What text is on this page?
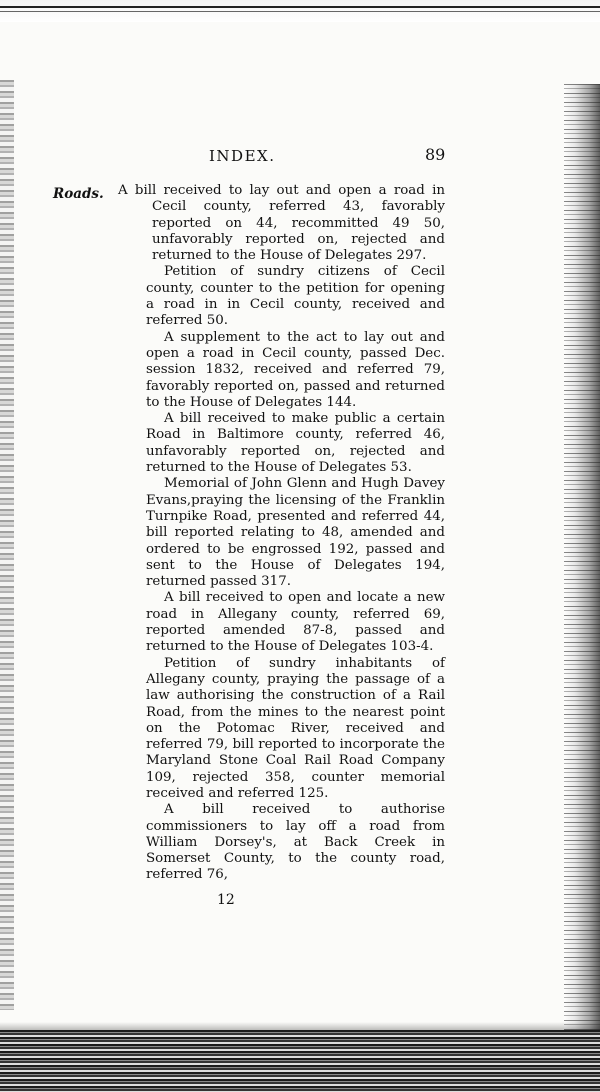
INDEX.	89
Roads. A bill received to lay out and open a road in Cecil county, referred 43, favorably reported on 44, recommitted 49 50, unfavorably reported on, rejected and returned to the House of Delegates 297.

Petition of sundry citizens of Cecil county, counter to the petition for opening a road in in Cecil county, received and referred 50.

A supplement to the act to lay out and open a road in Cecil county, passed Dec. session 1832, received and referred 79, favorably reported on, passed and returned to the House of Delegates 144.

A bill received to make public a certain Road in Baltimore county, referred 46, unfavorably reported on, rejected and returned to the House of Delegates 53.

Memorial of John Glenn and Hugh Davey Evans,praying the licensing of the Franklin Turnpike Road, presented and referred 44, bill reported relating to 48, amended and ordered to be engrossed 192, passed and sent to the House of Delegates 194, returned passed 317.

A bill received to open and locate a new road in Allegany county, referred 69, reported amended 87-8, passed and returned to the House of Delegates 103-4.

Petition of sundry inhabitants of Allegany county, praying the passage of a law authorising the construction of a Rail Road, from the mines to the nearest point on the Potomac River, received and referred 79, bill reported to incorporate the Maryland Stone Coal Rail Road Company 109, rejected 358, counter memorial received and referred 125.

A bill received to authorise commissioners to lay off a road from William Dorsey's, at Back Creek in Somerset County, to the county road, referred 76,

12
